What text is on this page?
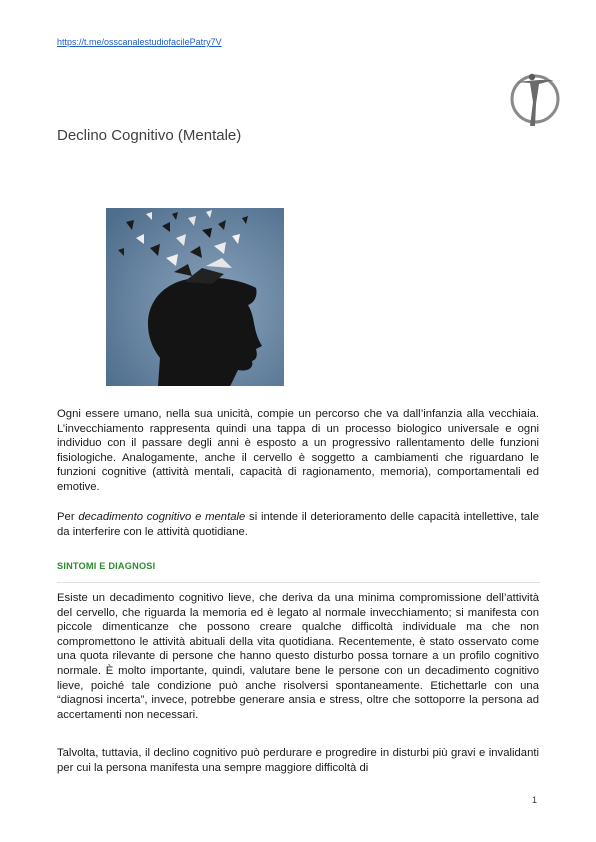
https://t.me/osscanalestudiofacilePatry7V
Declino Cognitivo (Mentale)

Ogni essere umano, nella sua unicità, compie un percorso che va dall’infanzia alla vecchiaia. L’invecchiamento rappresenta quindi una tappa di un processo biologico universale e ogni individuo con il passare degli anni è esposto a un progressivo rallentamento delle funzioni fisiologiche. Analogamente, anche il cervello è soggetto a cambiamenti che riguardano le funzioni cognitive (attività mentali, capacità di ragionamento, memoria), comportamentali ed emotive.

Per decadimento cognitivo e mentale si intende il deterioramento delle capacità intellettive, tale da interferire con le attività quotidiane.

SINTOMI E DIAGNOSI

Esiste un decadimento cognitivo lieve, che deriva da una minima compromissione dell’attività del cervello, che riguarda la memoria ed è legato al normale invecchiamento; si manifesta con piccole dimenticanze che possono creare qualche difficoltà individuale ma che non compromettono le attività abituali della vita quotidiana. Recentemente, è stato osservato come una quota rilevante di persone che hanno questo disturbo possa tornare a un profilo cognitivo normale. È molto importante, quindi, valutare bene le persone con un decadimento cognitivo lieve, poiché tale condizione può anche risolversi spontaneamente. Etichettarle con una “diagnosi incerta”, invece, potrebbe generare ansia e stress, oltre che sottoporre la persona ad accertamenti non necessari.

Talvolta, tuttavia, il declino cognitivo può perdurare e progredire in disturbi più gravi e invalidanti per cui la persona manifesta una sempre maggiore difficoltà di

1
